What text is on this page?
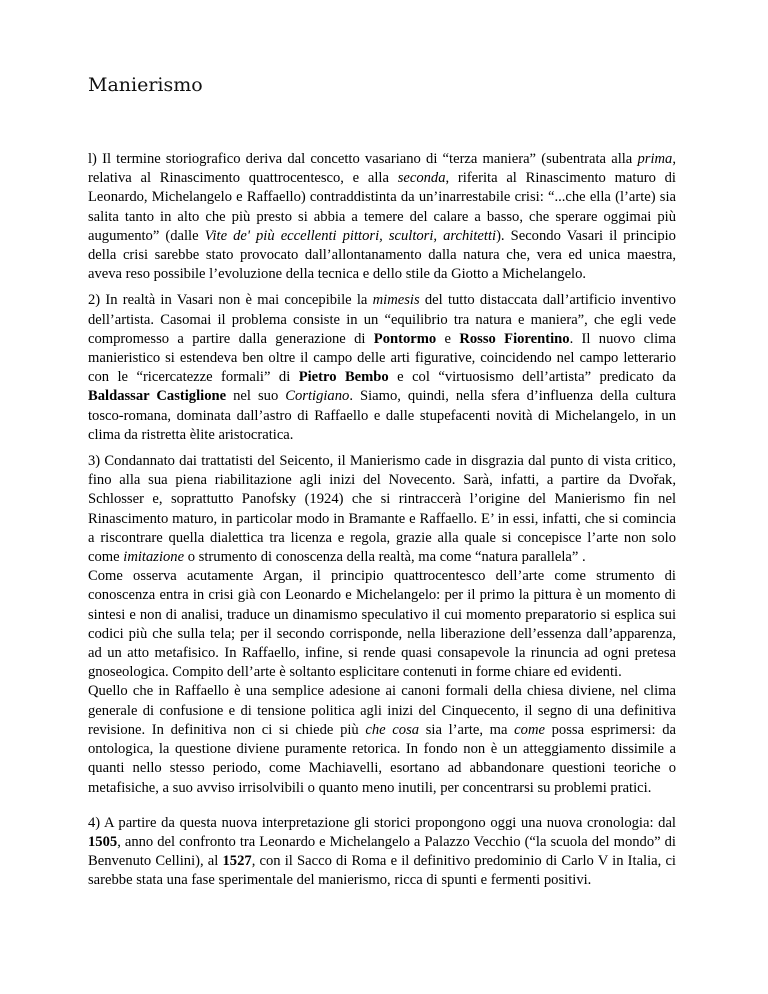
Manierismo

l) Il termine storiografico deriva dal concetto vasariano di “terza maniera” (subentrata alla prima, relativa al Rinascimento quattrocentesco, e alla seconda, riferita al Rinascimento maturo di Leonardo, Michelangelo e Raffaello) contraddistinta da un’inarrestabile crisi: “...che ella (l’arte) sia salita tanto in alto che più presto si abbia a temere del calare a basso, che sperare oggimai più augumento” (dalle Vite de' più eccellenti pittori, scultori, architetti). Secondo Vasari il principio della crisi sarebbe stato provocato dall’allontanamento dalla natura che, vera ed unica maestra, aveva reso possibile l’evoluzione della tecnica e dello stile da Giotto a Michelangelo.

2) In realtà in Vasari non è mai concepibile la mimesis del tutto distaccata dall’artificio inventivo dell’artista. Casomai il problema consiste in un “equilibrio tra natura e maniera”, che egli vede compromesso a partire dalla generazione di Pontormo e Rosso Fiorentino. Il nuovo clima manieristico si estendeva ben oltre il campo delle arti figurative, coincidendo nel campo letterario con le “ricercatezze formali” di Pietro Bembo e col “virtuosismo dell’artista” predicato da Baldassar Castiglione nel suo Cortigiano. Siamo, quindi, nella sfera d’influenza della cultura tosco-romana, dominata dall’astro di Raffaello e dalle stupefacenti novità di Michelangelo, in un clima da ristretta èlite aristocratica.

3) Condannato dai trattatisti del Seicento, il Manierismo cade in disgrazia dal punto di vista critico, fino alla sua piena riabilitazione agli inizi del Novecento. Sarà, infatti, a partire da Dvořak, Schlosser e, soprattutto Panofsky (1924) che si rintraccerà l’origine del Manierismo fin nel Rinascimento maturo, in particolar modo in Bramante e Raffaello. E’ in essi, infatti, che si comincia a riscontrare quella dialettica tra licenza e regola, grazie alla quale si concepisce l’arte non solo come imitazione o strumento di conoscenza della realtà, ma come “natura parallela” .

Come osserva acutamente Argan, il principio quattrocentesco dell’arte come strumento di conoscenza entra in crisi già con Leonardo e Michelangelo: per il primo la pittura è un momento di sintesi e non di analisi, traduce un dinamismo speculativo il cui momento preparatorio si esplica sui codici più che sulla tela; per il secondo corrisponde, nella liberazione dell’essenza dall’apparenza, ad un atto metafisico. In Raffaello, infine, si rende quasi consapevole la rinuncia ad ogni pretesa gnoseologica. Compito dell’arte è soltanto esplicitare contenuti in forme chiare ed evidenti.

Quello che in Raffaello è una semplice adesione ai canoni formali della chiesa diviene, nel clima generale di confusione e di tensione politica agli inizi del Cinquecento, il segno di una definitiva revisione. In definitiva non ci si chiede più che cosa sia l’arte, ma come possa esprimersi: da ontologica, la questione diviene puramente retorica. In fondo non è un atteggiamento dissimile a quanti nello stesso periodo, come Machiavelli, esortano ad abbandonare questioni teoriche o metafisiche, a suo avviso irrisolvibili o quanto meno inutili, per concentrarsi su problemi pratici.

4) A partire da questa nuova interpretazione gli storici propongono oggi una nuova cronologia: dal 1505, anno del confronto tra Leonardo e Michelangelo a Palazzo Vecchio (“la scuola del mondo” di Benvenuto Cellini), al 1527, con il Sacco di Roma e il definitivo predominio di Carlo V in Italia, ci sarebbe stata una fase sperimentale del manierismo, ricca di spunti e fermenti positivi.
